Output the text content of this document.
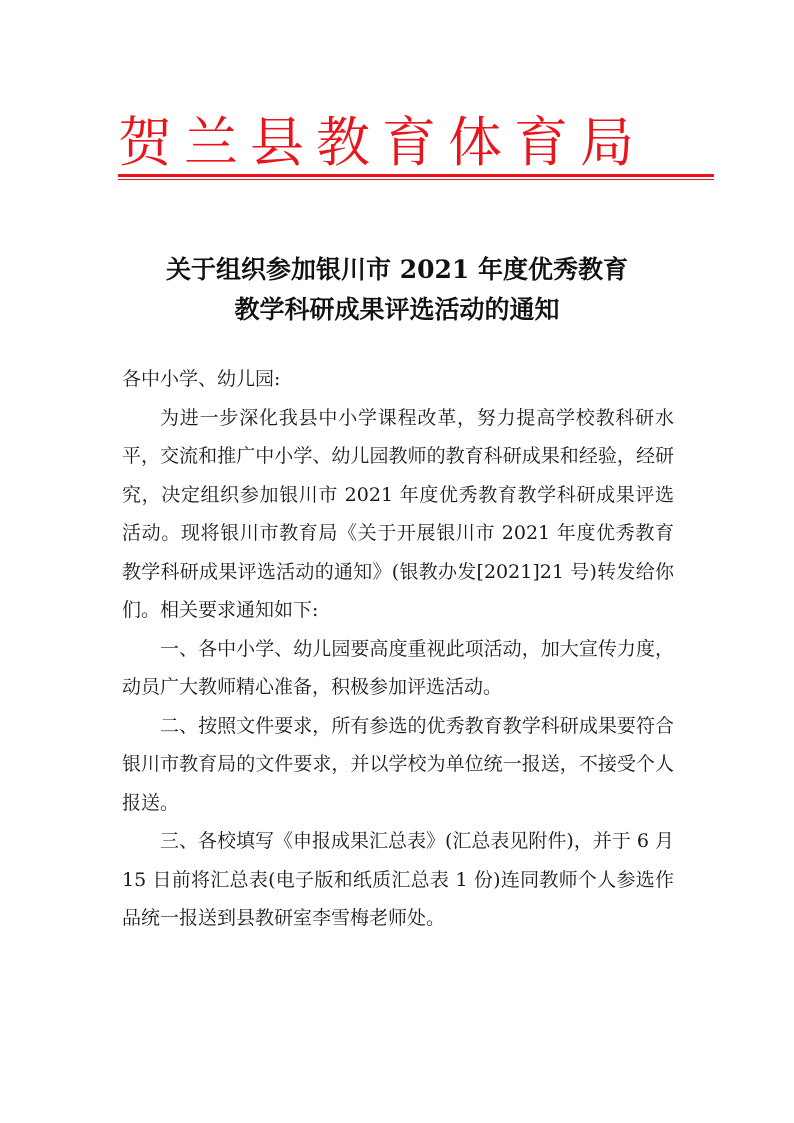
贺兰县教育体育局
关于组织参加银川市 2021 年度优秀教育
教学科研成果评选活动的通知

各中小学、幼儿园:

为进一步深化我县中小学课程改革，努力提高学校教科研水平，交流和推广中小学、幼儿园教师的教育科研成果和经验，经研究，决定组织参加银川市 2021 年度优秀教育教学科研成果评选活动。现将银川市教育局《关于开展银川市 2021 年度优秀教育教学科研成果评选活动的通知》(银教办发[2021]21 号)转发给你们。相关要求通知如下:

一、各中小学、幼儿园要高度重视此项活动，加大宣传力度，动员广大教师精心准备，积极参加评选活动。

二、按照文件要求，所有参选的优秀教育教学科研成果要符合银川市教育局的文件要求，并以学校为单位统一报送，不接受个人报送。

三、各校填写《申报成果汇总表》(汇总表见附件)，并于 6 月 15 日前将汇总表(电子版和纸质汇总表 1 份)连同教师个人参选作品统一报送到县教研室李雪梅老师处。
